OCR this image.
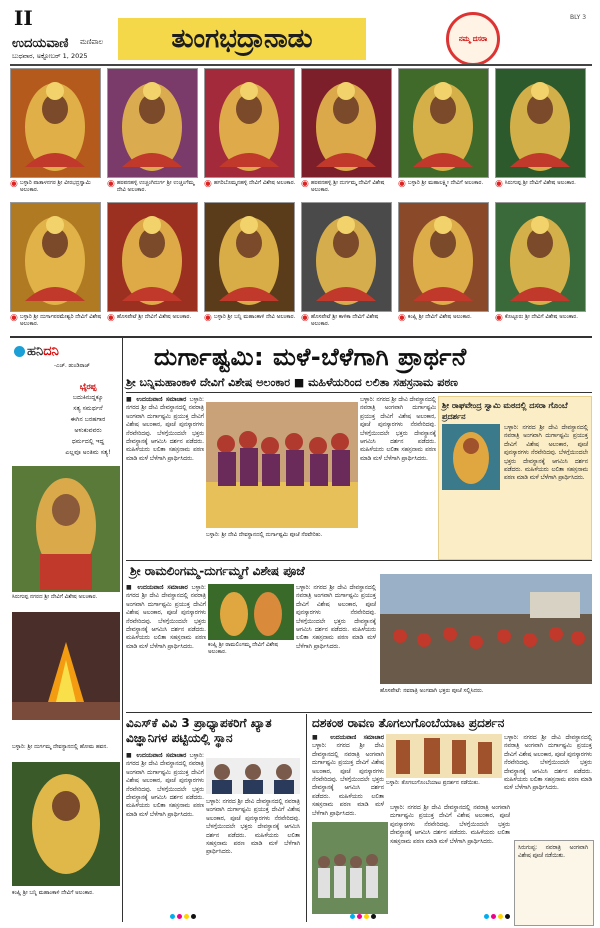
II
ಉದಯವಾಣಿ ಮಣಿಪಾಲ
ಬುಧವಾರ, ಅಕ್ಟೋಬರ್ 1, 2025
ತುಂಗಭದ್ರಾನಾಡು	ನಮ್ಮ ದಸರಾ
BLY 3
◉ ಬಳ್ಳಾರಿ ಪಾತಾಳನಗರ ಶ್ರೀ ವೀರಭದ್ರಸ್ವಾಮಿ ಅಲಂಕಾರ.
◉ ಹರಪನಹಳ್ಳಿ ಉಚ್ಚಂಗಿದುರ್ಗ ಶ್ರೀ ಉಚ್ಚಂಗೆಮ್ಮ ದೇವಿ ಅಲಂಕಾರ.
◉ ಹಗರಿಬೊಮ್ಮನಹಳ್ಳಿ ದೇವಿಗೆ ವಿಶೇಷ ಅಲಂಕಾರ. ◉ ಹರಪನಹಳ್ಳಿ ಶ್ರೀ ದುರ್ಗಮ್ಮ ದೇವಿಗೆ ವಿಶೇಷ ಅಲಂಕಾರ.
◉ ಬಳ್ಳಾರಿ ಶ್ರೀ ಮಹಾಲಕ್ಷ್ಮೀ ದೇವಿಗೆ ಅಲಂಕಾರ. ◉ ಸಿರುಗುಪ್ಪ ಶ್ರೀ ದೇವಿಗೆ ವಿಶೇಷ ಅಲಂಕಾರ.
◉ ಬಳ್ಳಾರಿ ಶ್ರೀ ದುರ್ಗಾಪರಮೇಶ್ವರಿ ದೇವಿಗೆ ವಿಶೇಷ ಅಲಂಕಾರ.
◉ ಹೊಸಪೇಟೆ ಶ್ರೀ ದೇವಿಗೆ ವಿಶೇಷ ಅಲಂಕಾರ. ◉ ಬಳ್ಳಾರಿ ಶ್ರೀ ಬನ್ನಿ ಮಹಾಂಕಾಳಿ ದೇವಿ ಅಲಂಕಾರ. ◉ ಹೊಸಪೇಟೆ ಶ್ರೀ ಕಾಳಿಕಾ ದೇವಿಗೆ ವಿಶೇಷ ಅಲಂಕಾರ.
◉ ಕಂಪ್ಲಿ ಶ್ರೀ ದೇವಿಗೆ ವಿಶೇಷ ಅಲಂಕಾರ.	◉ ಕೊಟ್ಟೂರು ಶ್ರೀ ದೇವಿಗೆ ವಿಶೇಷ ಅಲಂಕಾರ.
ಹನಿದನಿ
-ಎಚ್. ಡುಂಡಿರಾಜ್
ಭೈರಪ್ಪ
ಬದುಕಿನುದ್ದಕ್ಕೂ
ಸತ್ಯ ಸಮರ್ಥನೆ
ಈಗಿನ ಬರಹಗಾರ
ಅಳುಕುವವರು
ಧರ್ಮದಲ್ಲಿ ಇದ್ದ
ಎಲ್ಲವೂ ಅಂತಿಮ ಸತ್ಯ!
ಸಿರುಗುಪ್ಪ ನಗರದ ಶ್ರೀ ದೇವಿಗೆ ವಿಶೇಷ ಅಲಂಕಾರ.
ಬಳ್ಳಾರಿ: ಶ್ರೀ ದುರ್ಗಮ್ಮ ದೇವಸ್ಥಾನದಲ್ಲಿ ಹೋಮ ಹವನ.
ಕಂಪ್ಲಿ ಶ್ರೀ ಬನ್ನಿ ಮಹಾಂಕಾಳಿ ದೇವಿಗೆ ಅಲಂಕಾರ.
ದುರ್ಗಾಷ್ಟಮಿ: ಮಳೆ-ಬೆಳೆಗಾಗಿ ಪ್ರಾರ್ಥನೆ
ಶ್ರೀ ಬನ್ನಿಮಹಾಂಕಾಳಿ ದೇವಿಗೆ ವಿಶೇಷ ಅಲಂಕಾರ ■ ಮಹಿಳೆಯರಿಂದ ಲಲಿತಾ ಸಹಸ್ರನಾಮ ಪಠಣ
■ ಉದಯವಾಣಿ ಸಮಾಚಾರ ಬಳ್ಳಾರಿ: ನಗರದ ಶ್ರೀ ದೇವಿ ದೇವಸ್ಥಾನದಲ್ಲಿ ನವರಾತ್ರಿ ಅಂಗವಾಗಿ ದುರ್ಗಾಷ್ಟಮಿ ಪ್ರಯುಕ್ತ ದೇವಿಗೆ ವಿಶೇಷ ಅಲಂಕಾರ, ಪೂಜೆ ಪುನಸ್ಕಾರಗಳು ನೆರವೇರಿದವು. ಬೆಳಗ್ಗೆಯಿಂದಲೇ ಭಕ್ತರು ದೇವಸ್ಥಾನಕ್ಕೆ ಆಗಮಿಸಿ ದರ್ಶನ ಪಡೆದರು. ಮಹಿಳೆಯರು ಲಲಿತಾ ಸಹಸ್ರನಾಮ ಪಠಣ ಮಾಡಿ ಮಳೆ ಬೆಳೆಗಾಗಿ ಪ್ರಾರ್ಥಿಸಿದರು.
ಬಳ್ಳಾರಿ: ಶ್ರೀ ದೇವಿ ದೇವಸ್ಥಾನದಲ್ಲಿ ದುರ್ಗಾಷ್ಟಮಿ ಪೂಜೆ ನೆರವೇರಿತು.
ಬಳ್ಳಾರಿ: ನಗರದ ಶ್ರೀ ದೇವಿ ದೇವಸ್ಥಾನದಲ್ಲಿ ನವರಾತ್ರಿ ಅಂಗವಾಗಿ ದುರ್ಗಾಷ್ಟಮಿ ಪ್ರಯುಕ್ತ ದೇವಿಗೆ ವಿಶೇಷ ಅಲಂಕಾರ, ಪೂಜೆ ಪುನಸ್ಕಾರಗಳು ನೆರವೇರಿದವು. ಬೆಳಗ್ಗೆಯಿಂದಲೇ ಭಕ್ತರು ದೇವಸ್ಥಾನಕ್ಕೆ ಆಗಮಿಸಿ ದರ್ಶನ ಪಡೆದರು. ಮಹಿಳೆಯರು ಲಲಿತಾ ಸಹಸ್ರನಾಮ ಪಠಣ ಮಾಡಿ ಮಳೆ ಬೆಳೆಗಾಗಿ ಪ್ರಾರ್ಥಿಸಿದರು.
ಶ್ರೀ ರಾಘವೇಂದ್ರ ಸ್ವಾಮಿ ಮಠದಲ್ಲಿ ದಸರಾ ಗೊಂಬೆ ಪ್ರದರ್ಶನ
ಬಳ್ಳಾರಿ: ನಗರದ ಶ್ರೀ ದೇವಿ ದೇವಸ್ಥಾನದಲ್ಲಿ ನವರಾತ್ರಿ ಅಂಗವಾಗಿ ದುರ್ಗಾಷ್ಟಮಿ ಪ್ರಯುಕ್ತ ದೇವಿಗೆ ವಿಶೇಷ ಅಲಂಕಾರ, ಪೂಜೆ ಪುನಸ್ಕಾರಗಳು ನೆರವೇರಿದವು. ಬೆಳಗ್ಗೆಯಿಂದಲೇ ಭಕ್ತರು ದೇವಸ್ಥಾನಕ್ಕೆ ಆಗಮಿಸಿ ದರ್ಶನ ಪಡೆದರು. ಮಹಿಳೆಯರು ಲಲಿತಾ ಸಹಸ್ರನಾಮ ಪಠಣ ಮಾಡಿ ಮಳೆ ಬೆಳೆಗಾಗಿ ಪ್ರಾರ್ಥಿಸಿದರು.
ಶ್ರೀ ರಾಮಲಿಂಗಮ್ಮ-ದುರ್ಗಮ್ಮಗೆ ವಿಶೇಷ ಪೂಜೆ
■ ಉದಯವಾಣಿ ಸಮಾಚಾರ ಬಳ್ಳಾರಿ: ನಗರದ ಶ್ರೀ ದೇವಿ ದೇವಸ್ಥಾನದಲ್ಲಿ ನವರಾತ್ರಿ ಅಂಗವಾಗಿ ದುರ್ಗಾಷ್ಟಮಿ ಪ್ರಯುಕ್ತ ದೇವಿಗೆ ವಿಶೇಷ ಅಲಂಕಾರ, ಪೂಜೆ ಪುನಸ್ಕಾರಗಳು ನೆರವೇರಿದವು. ಬೆಳಗ್ಗೆಯಿಂದಲೇ ಭಕ್ತರು ದೇವಸ್ಥಾನಕ್ಕೆ ಆಗಮಿಸಿ ದರ್ಶನ ಪಡೆದರು. ಮಹಿಳೆಯರು ಲಲಿತಾ ಸಹಸ್ರನಾಮ ಪಠಣ ಮಾಡಿ ಮಳೆ ಬೆಳೆಗಾಗಿ ಪ್ರಾರ್ಥಿಸಿದರು.	ಕಂಪ್ಲಿ ಶ್ರೀ ರಾಮಲಿಂಗಮ್ಮ ದೇವಿಗೆ ವಿಶೇಷ ಅಲಂಕಾರ.
ಬಳ್ಳಾರಿ: ನಗರದ ಶ್ರೀ ದೇವಿ ದೇವಸ್ಥಾನದಲ್ಲಿ ನವರಾತ್ರಿ ಅಂಗವಾಗಿ ದುರ್ಗಾಷ್ಟಮಿ ಪ್ರಯುಕ್ತ ದೇವಿಗೆ ವಿಶೇಷ ಅಲಂಕಾರ, ಪೂಜೆ ಪುನಸ್ಕಾರಗಳು ನೆರವೇರಿದವು. ಬೆಳಗ್ಗೆಯಿಂದಲೇ ಭಕ್ತರು ದೇವಸ್ಥಾನಕ್ಕೆ ಆಗಮಿಸಿ ದರ್ಶನ ಪಡೆದರು. ಮಹಿಳೆಯರು ಲಲಿತಾ ಸಹಸ್ರನಾಮ ಪಠಣ ಮಾಡಿ ಮಳೆ ಬೆಳೆಗಾಗಿ ಪ್ರಾರ್ಥಿಸಿದರು.
ಹೊಸಪೇಟೆ: ನವರಾತ್ರಿ ಅಂಗವಾಗಿ ಭಕ್ತರು ಪೂಜೆ ಸಲ್ಲಿಸಿದರು.
ವಿಎಸ್‌ಕೆ ವಿವಿ 3 ಪ್ರಾಧ್ಯಾಪಕರಿಗೆ ಖ್ಯಾತ ವಿಜ್ಞಾನಿಗಳ ಪಟ್ಟಿಯಲ್ಲಿ ಸ್ಥಾನ
■ ಉದಯವಾಣಿ ಸಮಾಚಾರ ಬಳ್ಳಾರಿ: ನಗರದ ಶ್ರೀ ದೇವಿ ದೇವಸ್ಥಾನದಲ್ಲಿ ನವರಾತ್ರಿ ಅಂಗವಾಗಿ ದುರ್ಗಾಷ್ಟಮಿ ಪ್ರಯುಕ್ತ ದೇವಿಗೆ ವಿಶೇಷ ಅಲಂಕಾರ, ಪೂಜೆ ಪುನಸ್ಕಾರಗಳು ನೆರವೇರಿದವು. ಬೆಳಗ್ಗೆಯಿಂದಲೇ ಭಕ್ತರು ದೇವಸ್ಥಾನಕ್ಕೆ ಆಗಮಿಸಿ ದರ್ಶನ ಪಡೆದರು. ಮಹಿಳೆಯರು ಲಲಿತಾ ಸಹಸ್ರನಾಮ ಪಠಣ ಮಾಡಿ ಮಳೆ ಬೆಳೆಗಾಗಿ ಪ್ರಾರ್ಥಿಸಿದರು.
ಬಳ್ಳಾರಿ: ನಗರದ ಶ್ರೀ ದೇವಿ ದೇವಸ್ಥಾನದಲ್ಲಿ ನವರಾತ್ರಿ ಅಂಗವಾಗಿ ದುರ್ಗಾಷ್ಟಮಿ ಪ್ರಯುಕ್ತ ದೇವಿಗೆ ವಿಶೇಷ ಅಲಂಕಾರ, ಪೂಜೆ ಪುನಸ್ಕಾರಗಳು ನೆರವೇರಿದವು. ಬೆಳಗ್ಗೆಯಿಂದಲೇ ಭಕ್ತರು ದೇವಸ್ಥಾನಕ್ಕೆ ಆಗಮಿಸಿ ದರ್ಶನ ಪಡೆದರು. ಮಹಿಳೆಯರು ಲಲಿತಾ ಸಹಸ್ರನಾಮ ಪಠಣ ಮಾಡಿ ಮಳೆ ಬೆಳೆಗಾಗಿ ಪ್ರಾರ್ಥಿಸಿದರು.
ದಶಕಂಠ ರಾವಣ ತೊಗಲುಗೊಂಬೆಯಾಟ ಪ್ರದರ್ಶನ
■ ಉದಯವಾಣಿ ಸಮಾಚಾರ ಬಳ್ಳಾರಿ: ನಗರದ ಶ್ರೀ ದೇವಿ ದೇವಸ್ಥಾನದಲ್ಲಿ ನವರಾತ್ರಿ ಅಂಗವಾಗಿ ದುರ್ಗಾಷ್ಟಮಿ ಪ್ರಯುಕ್ತ ದೇವಿಗೆ ವಿಶೇಷ ಅಲಂಕಾರ, ಪೂಜೆ ಪುನಸ್ಕಾರಗಳು ನೆರವೇರಿದವು. ಬೆಳಗ್ಗೆಯಿಂದಲೇ ಭಕ್ತರು ದೇವಸ್ಥಾನಕ್ಕೆ ಆಗಮಿಸಿ ದರ್ಶನ ಪಡೆದರು. ಮಹಿಳೆಯರು ಲಲಿತಾ ಸಹಸ್ರನಾಮ ಪಠಣ ಮಾಡಿ ಮಳೆ ಬೆಳೆಗಾಗಿ ಪ್ರಾರ್ಥಿಸಿದರು.
ಬಳ್ಳಾರಿ: ತೊಗಲುಗೊಂಬೆಯಾಟ ಪ್ರದರ್ಶನ ನಡೆಯಿತು.
ಬಳ್ಳಾರಿ: ನಗರದ ಶ್ರೀ ದೇವಿ ದೇವಸ್ಥಾನದಲ್ಲಿ ನವರಾತ್ರಿ ಅಂಗವಾಗಿ ದುರ್ಗಾಷ್ಟಮಿ ಪ್ರಯುಕ್ತ ದೇವಿಗೆ ವಿಶೇಷ ಅಲಂಕಾರ, ಪೂಜೆ ಪುನಸ್ಕಾರಗಳು ನೆರವೇರಿದವು. ಬೆಳಗ್ಗೆಯಿಂದಲೇ ಭಕ್ತರು ದೇವಸ್ಥಾನಕ್ಕೆ ಆಗಮಿಸಿ ದರ್ಶನ ಪಡೆದರು. ಮಹಿಳೆಯರು ಲಲಿತಾ ಸಹಸ್ರನಾಮ ಪಠಣ ಮಾಡಿ ಮಳೆ ಬೆಳೆಗಾಗಿ ಪ್ರಾರ್ಥಿಸಿದರು.
ಬಳ್ಳಾರಿ: ನಗರದ ಶ್ರೀ ದೇವಿ ದೇವಸ್ಥಾನದಲ್ಲಿ ನವರಾತ್ರಿ ಅಂಗವಾಗಿ ದುರ್ಗಾಷ್ಟಮಿ ಪ್ರಯುಕ್ತ ದೇವಿಗೆ ವಿಶೇಷ ಅಲಂಕಾರ, ಪೂಜೆ ಪುನಸ್ಕಾರಗಳು ನೆರವೇರಿದವು. ಬೆಳಗ್ಗೆಯಿಂದಲೇ ಭಕ್ತರು ದೇವಸ್ಥಾನಕ್ಕೆ ಆಗಮಿಸಿ ದರ್ಶನ ಪಡೆದರು. ಮಹಿಳೆಯರು ಲಲಿತಾ ಸಹಸ್ರನಾಮ ಪಠಣ ಮಾಡಿ ಮಳೆ ಬೆಳೆಗಾಗಿ ಪ್ರಾರ್ಥಿಸಿದರು.
ಸಿರುಗುಪ್ಪ: ನವರಾತ್ರಿ ಅಂಗವಾಗಿ ವಿಶೇಷ ಪೂಜೆ ನಡೆಯಿತು.
